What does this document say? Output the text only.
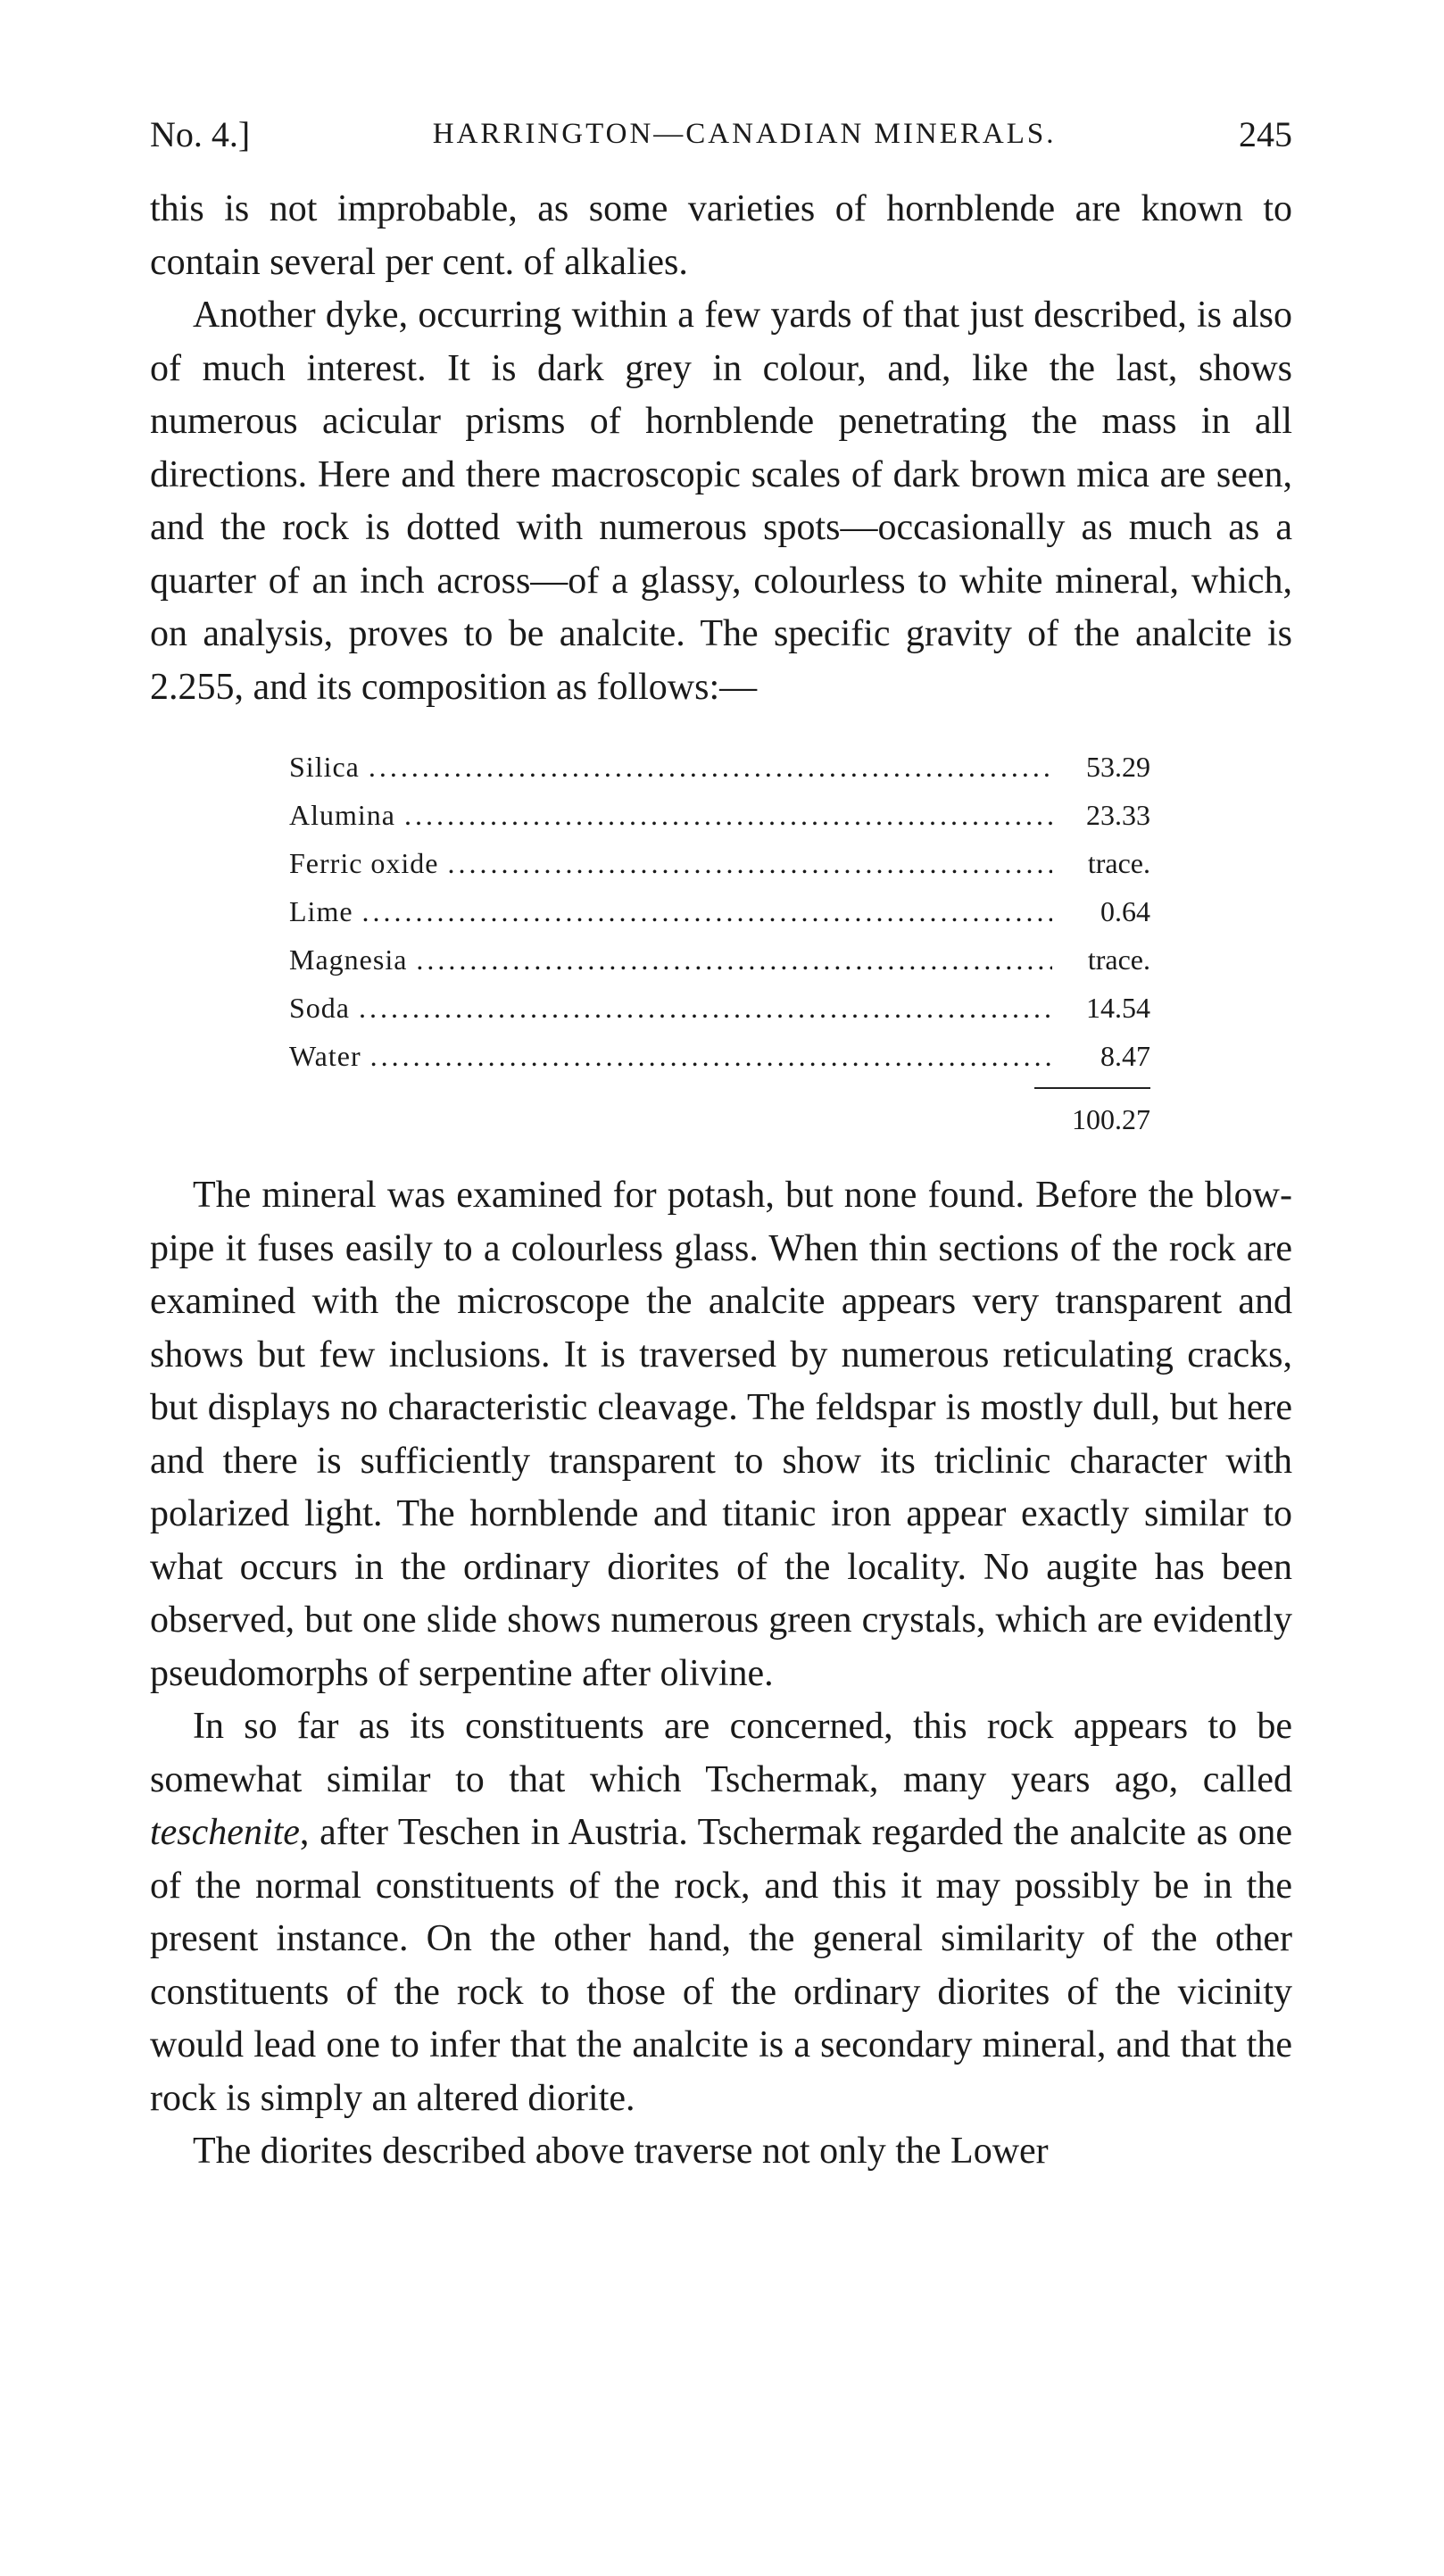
No. 4.]	HARRINGTON—CANADIAN MINERALS.	245

this is not improbable, as some varieties of hornblende are known to contain several per cent. of alkalies.

Another dyke, occurring within a few yards of that just described, is also of much interest. It is dark grey in colour, and, like the last, shows numerous acicular prisms of hornblende penetrating the mass in all directions. Here and there macroscopic scales of dark brown mica are seen, and the rock is dotted with numerous spots—occasionally as much as a quarter of an inch across—of a glassy, colourless to white mineral, which, on analysis, proves to be analcite. The specific gravity of the analcite is 2.255, and its composition as follows:—

Silica .....	53.29
Alumina .....	23.33
Ferric oxide .....	trace.
Lime .....	0.64
Magnesia .....	trace.
Soda .....	14.54
Water .....	8.47
100.27

The mineral was examined for potash, but none found. Before the blow-pipe it fuses easily to a colourless glass. When thin sections of the rock are examined with the microscope the analcite appears very transparent and shows but few inclusions. It is traversed by numerous reticulating cracks, but displays no characteristic cleavage. The feldspar is mostly dull, but here and there is sufficiently transparent to show its triclinic character with polarized light. The hornblende and titanic iron appear exactly similar to what occurs in the ordinary diorites of the locality. No augite has been observed, but one slide shows numerous green crystals, which are evidently pseudomorphs of serpentine after olivine.

In so far as its constituents are concerned, this rock appears to be somewhat similar to that which Tschermak, many years ago, called teschenite, after Teschen in Austria. Tschermak regarded the analcite as one of the normal constituents of the rock, and this it may possibly be in the present instance. On the other hand, the general similarity of the other constituents of the rock to those of the ordinary diorites of the vicinity would lead one to infer that the analcite is a secondary mineral, and that the rock is simply an altered diorite.

The diorites described above traverse not only the Lower
